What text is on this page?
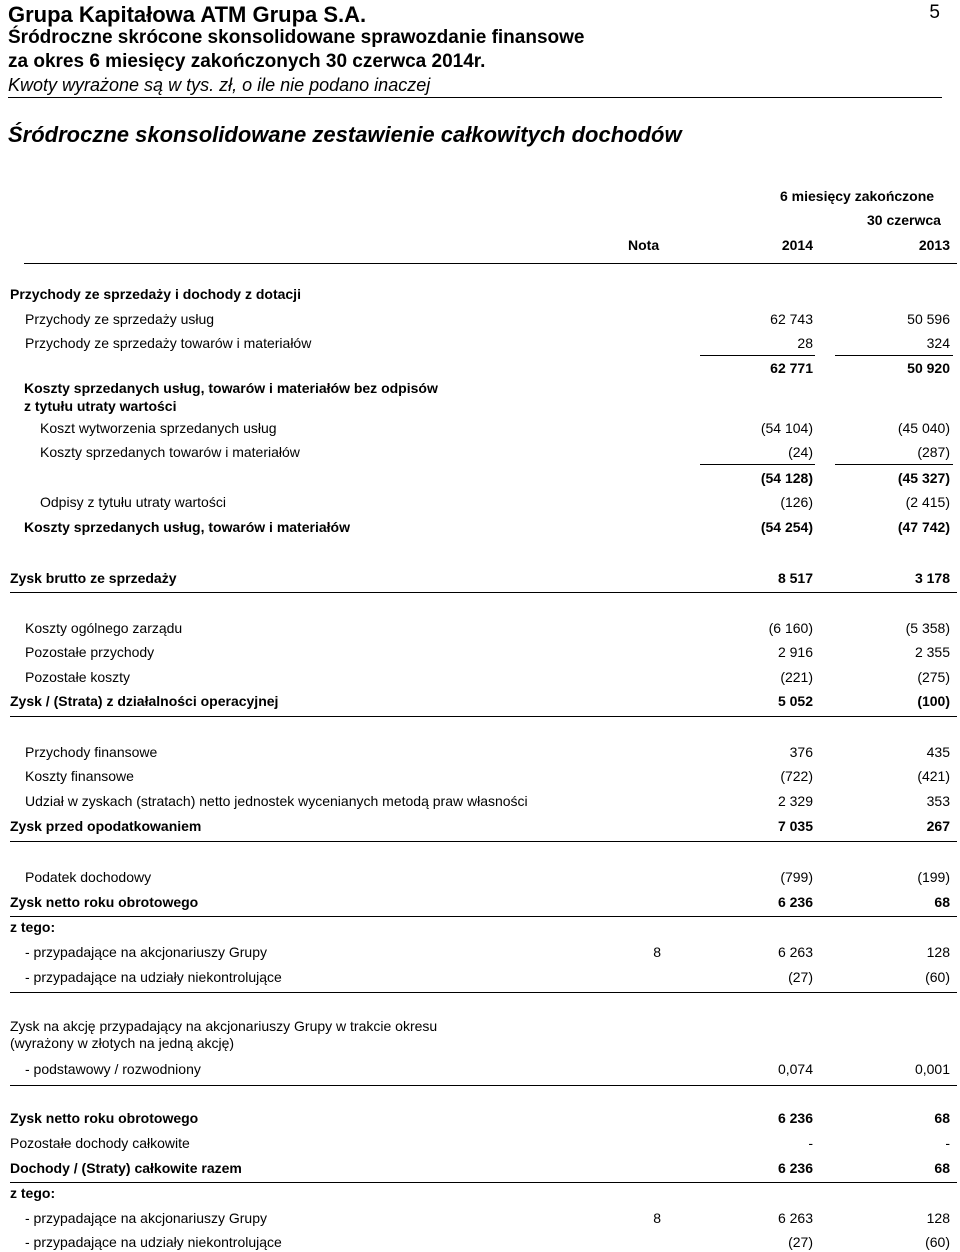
Grupa Kapitałowa ATM Grupa S.A.
Śródroczne skrócone skonsolidowane sprawozdanie finansowe
za okres 6 miesięcy zakończonych 30 czerwca 2014r.
Kwoty wyrażone są w tys. zł, o ile nie podano inaczej
5
Śródroczne skonsolidowane zestawienie całkowitych dochodów
6 miesięcy zakończone
30 czerwca
Nota	2014	2013
Przychody ze sprzedaży i dochody z dotacji
Przychody ze sprzedaży usług	62 743	50 596
Przychody ze sprzedaży towarów i materiałów	28	324
62 771	50 920
Koszty sprzedanych usług, towarów i materiałów bez odpisów
z tytułu utraty wartości
Koszt wytworzenia sprzedanych usług	(54 104)	(45 040)
Koszty sprzedanych towarów i materiałów	(24)	(287)
(54 128)	(45 327)
Odpisy z tytułu utraty wartości	(126)	(2 415)
Koszty sprzedanych usług, towarów i materiałów	(54 254)	(47 742)
Zysk brutto ze sprzedaży	8 517	3 178
Koszty ogólnego zarządu	(6 160)	(5 358)
Pozostałe przychody	2 916	2 355
Pozostałe koszty	(221)	(275)
Zysk / (Strata) z działalności operacyjnej	5 052	(100)
Przychody finansowe	376	435
Koszty finansowe	(722)	(421)
Udział w zyskach (stratach) netto jednostek wycenianych metodą praw własności	2 329	353
Zysk przed opodatkowaniem	7 035	267
Podatek dochodowy	(799)	(199)
Zysk netto roku obrotowego	6 236	68
z tego:
- przypadające na akcjonariuszy Grupy	8	6 263	128
- przypadające na udziały niekontrolujące	(27)	(60)
Zysk na akcję przypadający na akcjonariuszy Grupy w trakcie okresu
(wyrażony w złotych na jedną akcję)
- podstawowy / rozwodniony	0,074	0,001
Zysk netto roku obrotowego	6 236	68
Pozostałe dochody całkowite	-	-
Dochody / (Straty) całkowite razem	6 236	68
z tego:
- przypadające na akcjonariuszy Grupy	8	6 263	128
- przypadające na udziały niekontrolujące	(27)	(60)
